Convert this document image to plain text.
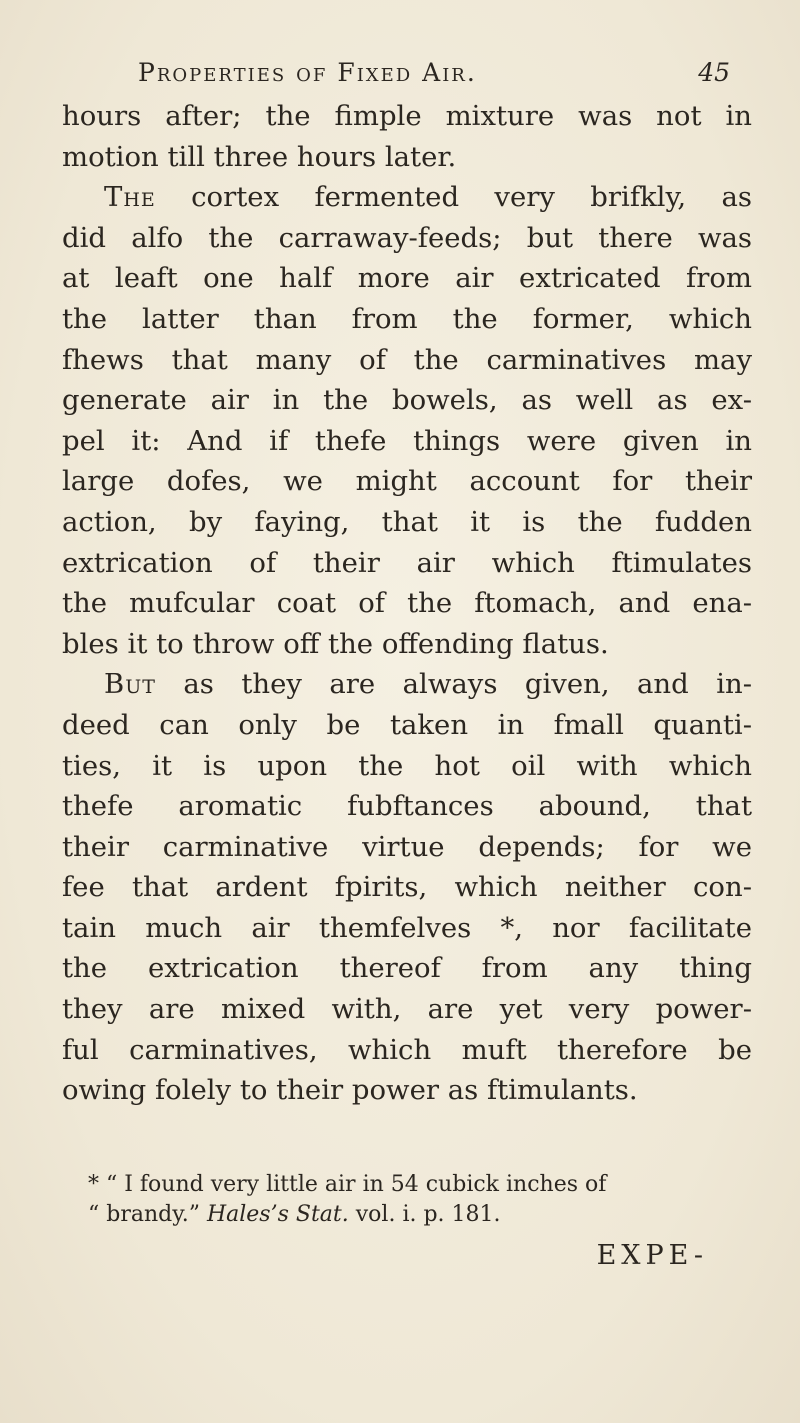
Properties of Fixed Air.	45
hours after; the fimple mixture was not in
motion till three hours later.
The cortex fermented very brifkly, as
did alfo the carraway-feeds; but there was
at leaft one half more air extricated from
the latter than from the former, which
fhews that many of the carminatives may
generate air in the bowels, as well as ex-
pel it: And if thefe things were given in
large dofes, we might account for their
action, by faying, that it is the fudden
extrication of their air which ftimulates
the mufcular coat of the ftomach, and ena-
bles it to throw off the offending flatus.
But as they are always given, and in-
deed can only be taken in fmall quanti-
ties, it is upon the hot oil with which
thefe aromatic fubftances abound, that
their carminative virtue depends; for we
fee that ardent fpirits, which neither con-
tain much air themfelves *, nor facilitate
the extrication thereof from any thing
they are mixed with, are yet very power-
ful carminatives, which muft therefore be
owing folely to their power as ftimulants.
* “ I found very little air in 54 cubick inches of
“ brandy.” Hales’s Stat. vol. i. p. 181.
EXPE-
